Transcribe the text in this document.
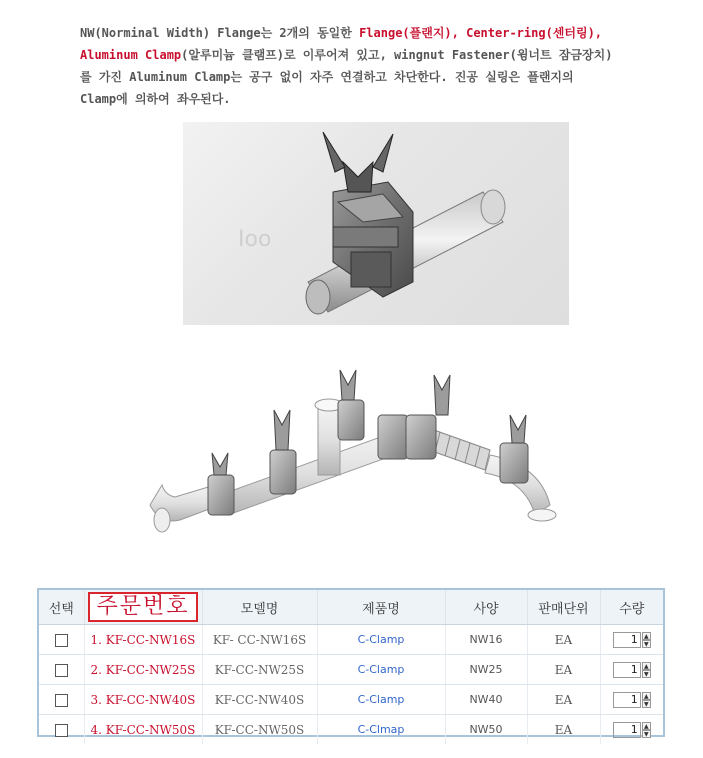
NW(Norminal Width) Flange는 2개의 동일한 Flange(플랜지), Center-ring(센터링),
Aluminum Clamp(알루미늄 클램프)로 이루어져 있고, wingnut Fastener(윙너트 잠금장치)
를 가진 Aluminum Clamp는 공구 없이 자주 연결하고 차단한다. 진공 실링은 플랜지의
Clamp에 의하여 좌우된다.
Ioo
선택	주문번호	모델명	제품명	사양	판매단위	수량
	1. KF-CC-NW16S	KF- CC-NW16S	C-Clamp	NW16	EA	1 ▲
▼

	2. KF-CC-NW25S	KF-CC-NW25S	C-Clamp	NW25	EA	1 ▲
▼

	3. KF-CC-NW40S	KF-CC-NW40S	C-Clamp	NW40	EA	1 ▲
▼

	4. KF-CC-NW50S	KF-CC-NW50S	C-Clmap	NW50	EA	1 ▲
▼
